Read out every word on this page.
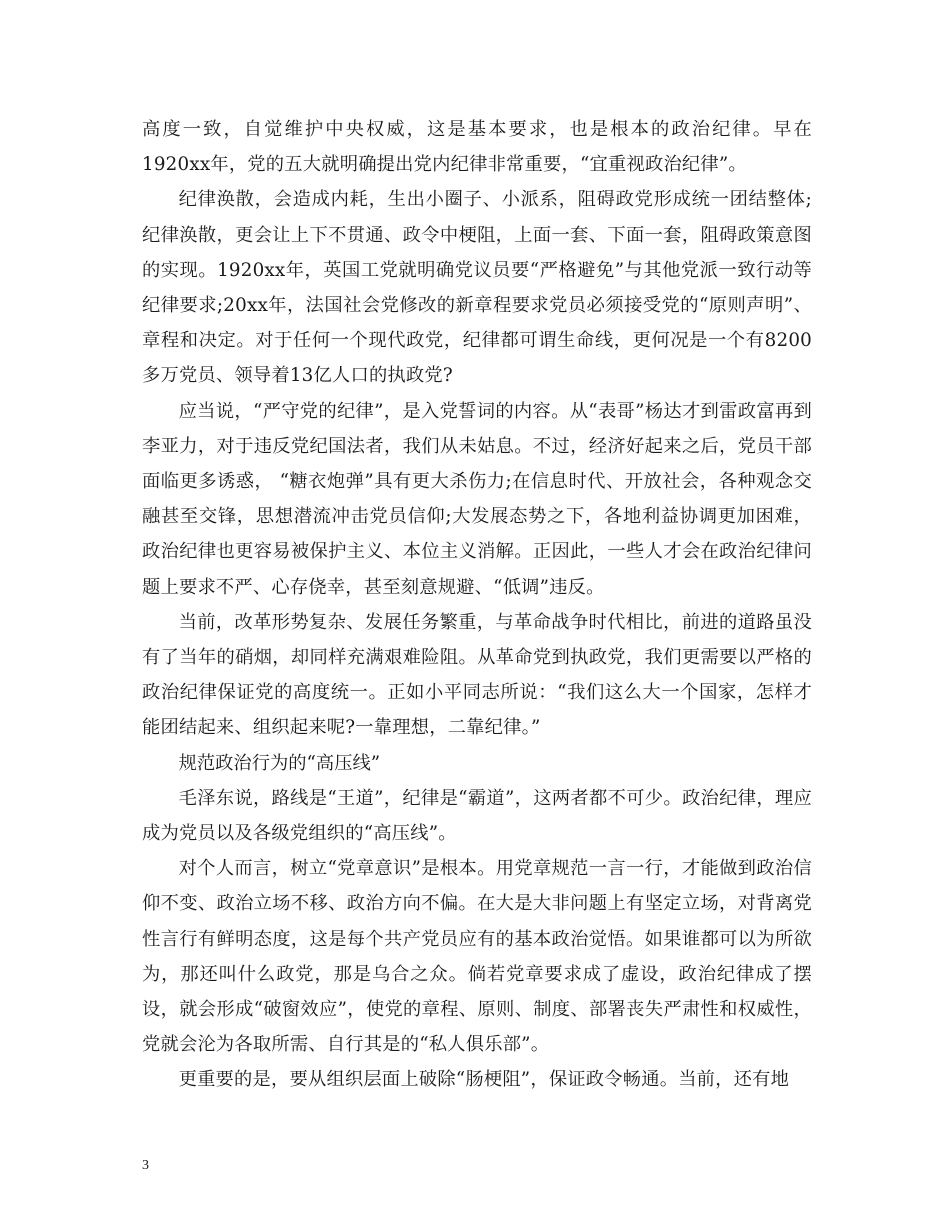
高度一致，自觉维护中央权威，这是基本要求，也是根本的政治纪律。早在1920xx年，党的五大就明确提出党内纪律非常重要，“宜重视政治纪律”。

纪律涣散，会造成内耗，生出小圈子、小派系，阻碍政党形成统一团结整体;纪律涣散，更会让上下不贯通、政令中梗阻，上面一套、下面一套，阻碍政策意图的实现。1920xx年，英国工党就明确党议员要“严格避免”与其他党派一致行动等纪律要求;20xx年，法国社会党修改的新章程要求党员必须接受党的“原则声明”、章程和决定。对于任何一个现代政党，纪律都可谓生命线，更何况是一个有8200多万党员、领导着13亿人口的执政党?

应当说，“严守党的纪律”，是入党誓词的内容。从“表哥”杨达才到雷政富再到李亚力，对于违反党纪国法者，我们从未姑息。不过，经济好起来之后，党员干部面临更多诱惑， “糖衣炮弹”具有更大杀伤力;在信息时代、开放社会，各种观念交融甚至交锋，思想潜流冲击党员信仰;大发展态势之下，各地利益协调更加困难，政治纪律也更容易被保护主义、本位主义消解。正因此，一些人才会在政治纪律问题上要求不严、心存侥幸，甚至刻意规避、“低调”违反。

当前，改革形势复杂、发展任务繁重，与革命战争时代相比，前进的道路虽没有了当年的硝烟，却同样充满艰难险阻。从革命党到执政党，我们更需要以严格的政治纪律保证党的高度统一。正如小平同志所说：“我们这么大一个国家，怎样才能团结起来、组织起来呢?一靠理想，二靠纪律。”

规范政治行为的“高压线”

毛泽东说，路线是“王道”，纪律是“霸道”，这两者都不可少。政治纪律，理应成为党员以及各级党组织的“高压线”。

对个人而言，树立“党章意识”是根本。用党章规范一言一行，才能做到政治信仰不变、政治立场不移、政治方向不偏。在大是大非问题上有坚定立场，对背离党性言行有鲜明态度，这是每个共产党员应有的基本政治觉悟。如果谁都可以为所欲为，那还叫什么政党，那是乌合之众。倘若党章要求成了虚设，政治纪律成了摆设，就会形成“破窗效应”，使党的章程、原则、制度、部署丧失严肃性和权威性，党就会沦为各取所需、自行其是的“私人俱乐部”。

更重要的是，要从组织层面上破除“肠梗阻”，保证政令畅通。当前，还有地

3
